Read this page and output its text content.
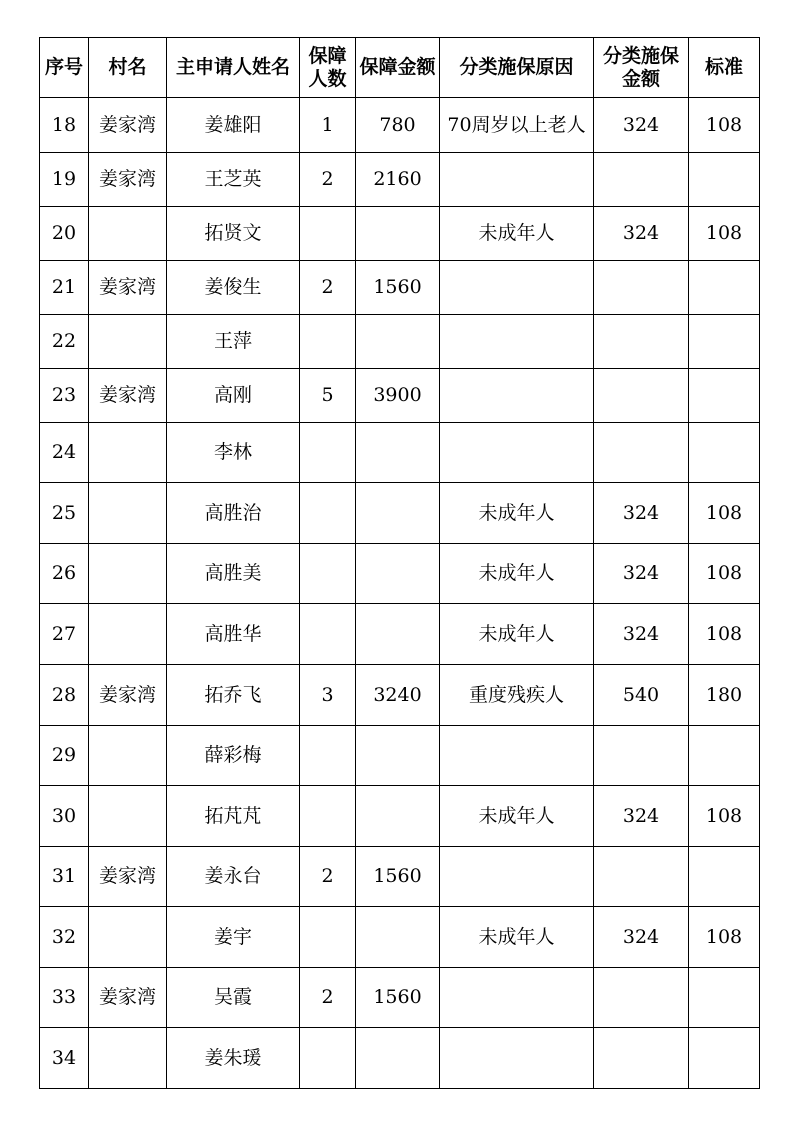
序号	村名	主申请人姓名	保障人数	保障金额	分类施保原因	分类施保金额	标准
18	姜家湾	姜雄阳	1	780	70周岁以上老人	324	108
19	姜家湾	王芝英	2	2160			
20		拓贤文			未成年人	324	108
21	姜家湾	姜俊生	2	1560			
22		王萍					
23	姜家湾	高刚	5	3900			
24		李林					
25		高胜治			未成年人	324	108
26		高胜美			未成年人	324	108
27		高胜华			未成年人	324	108
28	姜家湾	拓乔飞	3	3240	重度残疾人	540	180
29		薛彩梅					
30		拓芃芃			未成年人	324	108
31	姜家湾	姜永台	2	1560			
32		姜宇			未成年人	324	108
33	姜家湾	吴霞	2	1560			
34		姜朱瑗					
